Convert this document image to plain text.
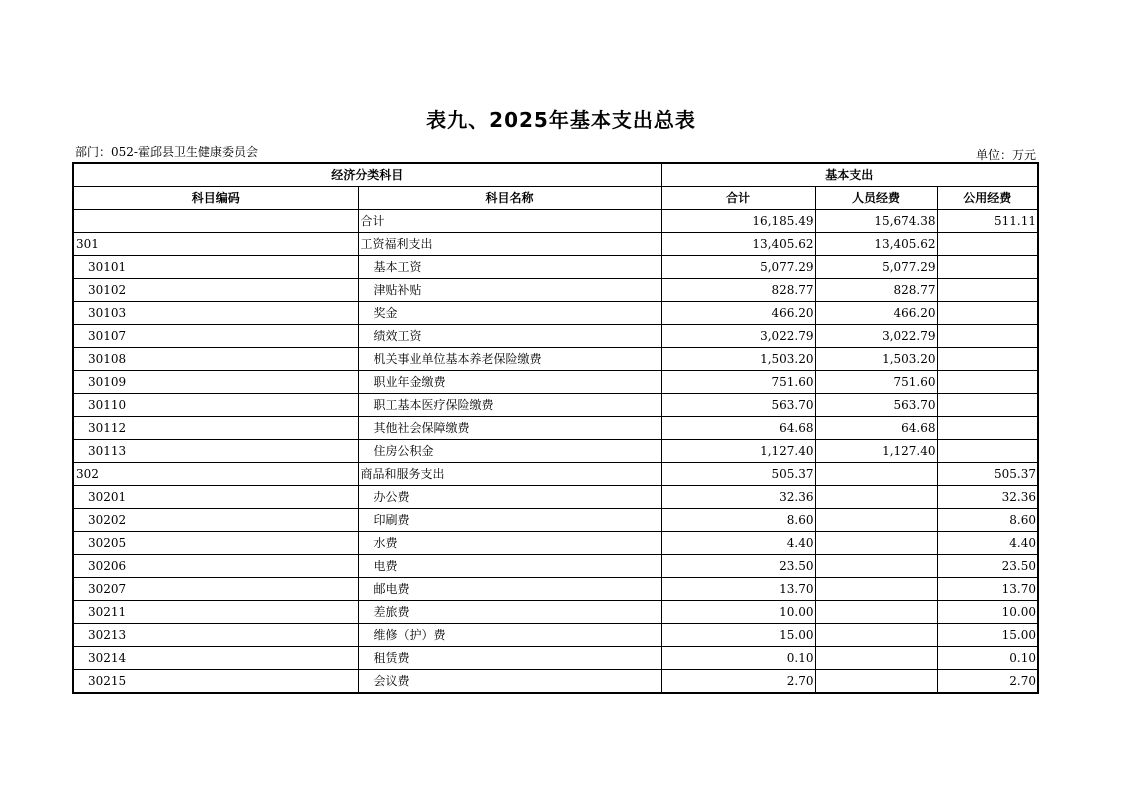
表九、2025年基本支出总表
部门：052-霍邱县卫生健康委员会	单位：万元
经济分类科目		基本支出		
科目编码	科目名称	合计	人员经费	公用经费
	合计	16,185.49	15,674.38	511.11
301	工资福利支出	13,405.62	13,405.62	
30101	基本工资	5,077.29	5,077.29	
30102	津贴补贴	828.77	828.77	
30103	奖金	466.20	466.20	
30107	绩效工资	3,022.79	3,022.79	
30108	机关事业单位基本养老保险缴费	1,503.20	1,503.20	
30109	职业年金缴费	751.60	751.60	
30110	职工基本医疗保险缴费	563.70	563.70	
30112	其他社会保障缴费	64.68	64.68	
30113	住房公积金	1,127.40	1,127.40	
302	商品和服务支出	505.37		505.37
30201	办公费	32.36		32.36
30202	印刷费	8.60		8.60
30205	水费	4.40		4.40
30206	电费	23.50		23.50
30207	邮电费	13.70		13.70
30211	差旅费	10.00		10.00
30213	维修（护）费	15.00		15.00
30214	租赁费	0.10		0.10
30215	会议费	2.70		2.70
